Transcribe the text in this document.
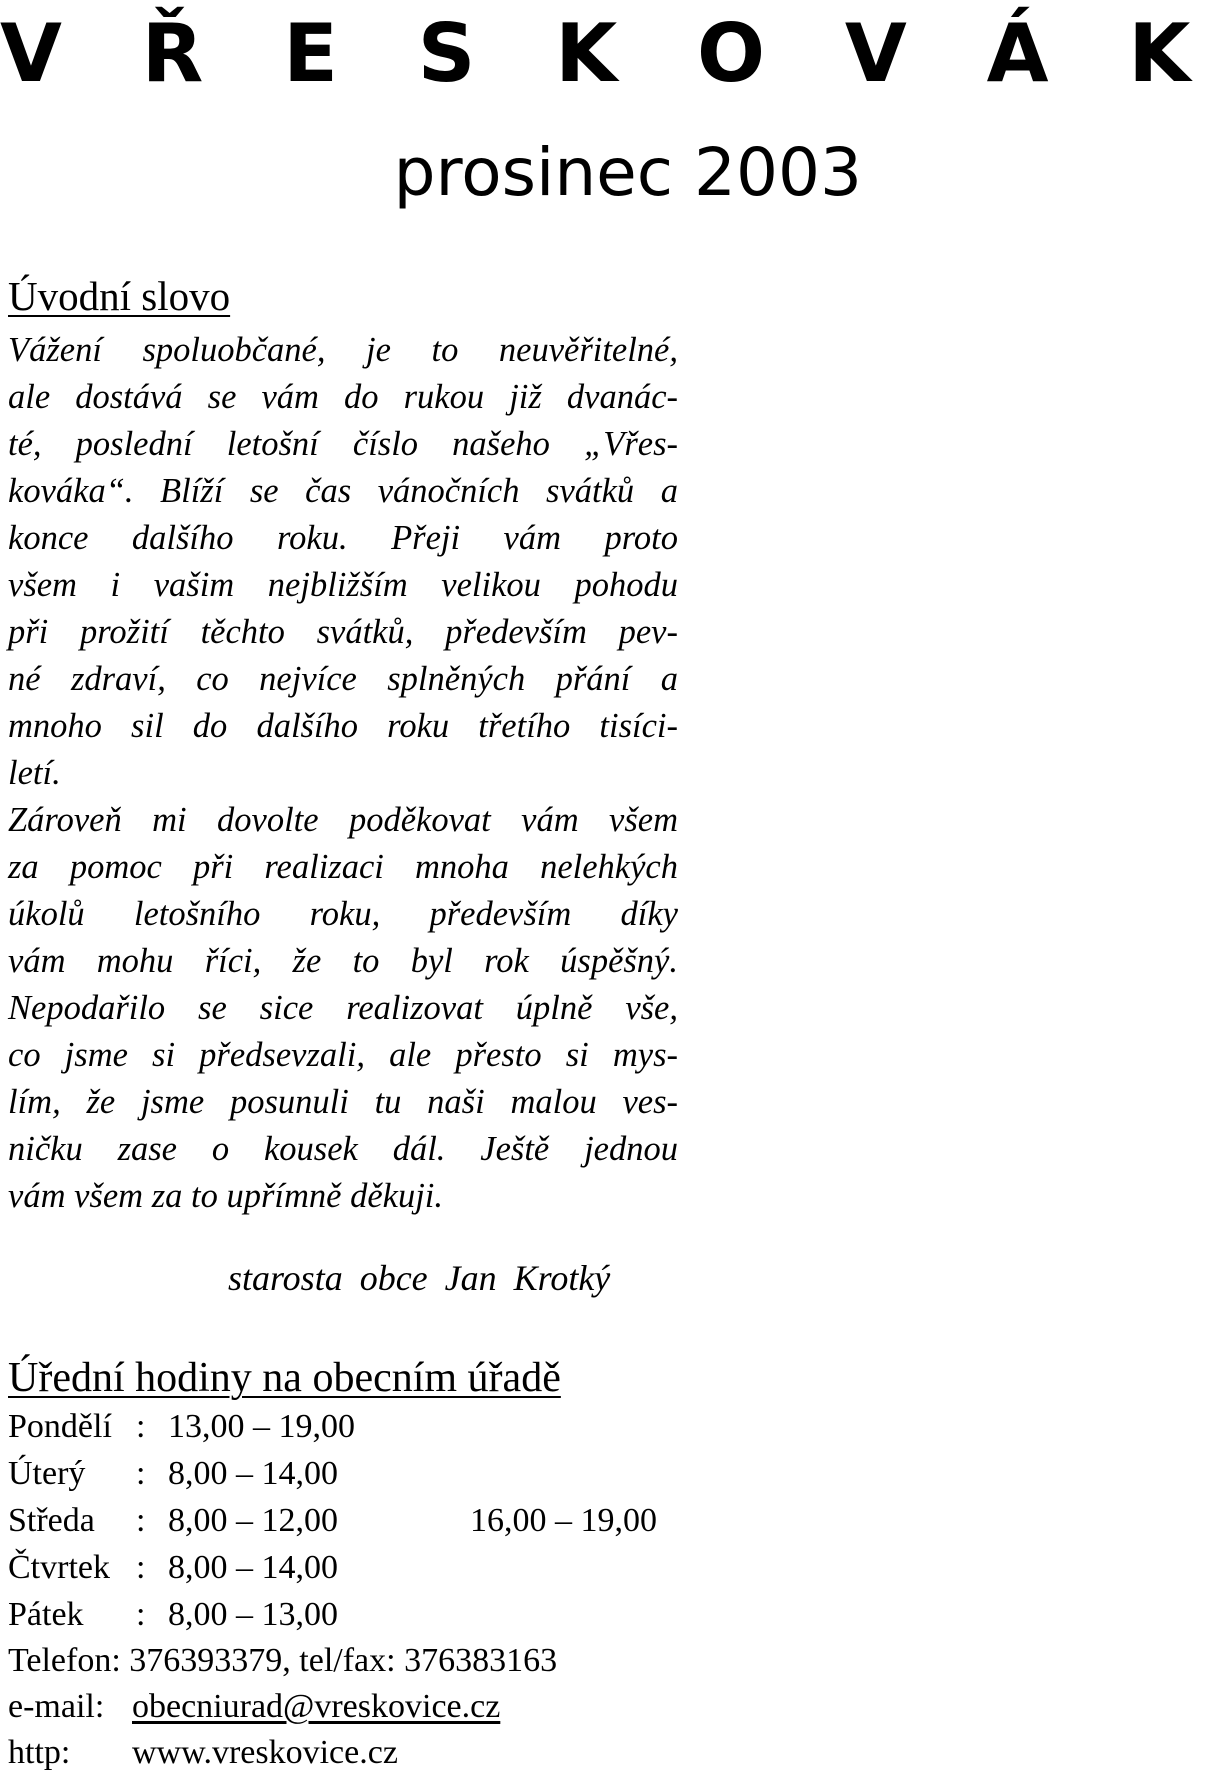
V Ř E S K O V Á K
prosinec 2003
Úvodní slovo
Vážení spoluobčané, je to neuvěřitelné,
ale dostává se vám do rukou již dvanác-
té, poslední letošní číslo našeho „Vřes-
kováka“. Blíží se čas vánočních svátků a
konce dalšího roku. Přeji vám proto
všem i vašim nejbližším velikou pohodu
při prožití těchto svátků, především pev-
né zdraví, co nejvíce splněných přání a
mnoho sil do dalšího roku třetího tisíci-
letí.
Zároveň mi dovolte poděkovat vám všem
za pomoc při realizaci mnoha nelehkých
úkolů letošního roku, především díky
vám mohu říci, že to byl rok úspěšný.
Nepodařilo se sice realizovat úplně vše,
co jsme si předsevzali, ale přesto si mys-
lím, že jsme posunuli tu naši malou ves-
ničku zase o kousek dál. Ještě jednou
vám všem za to upřímně děkuji.
starosta obce Jan Krotký
Úřední hodiny na obecním úřadě
Pondělí : 13,00 – 19,00
Úterý : 8,00 – 14,00
Středa : 8,00 – 12,00	16,00 – 19,00
Čtvrtek : 8,00 – 14,00
Pátek : 8,00 – 13,00
Telefon: 376393379, tel/fax: 376383163
e-mail: obecniurad@vreskovice.cz
http: www.vreskovice.cz
